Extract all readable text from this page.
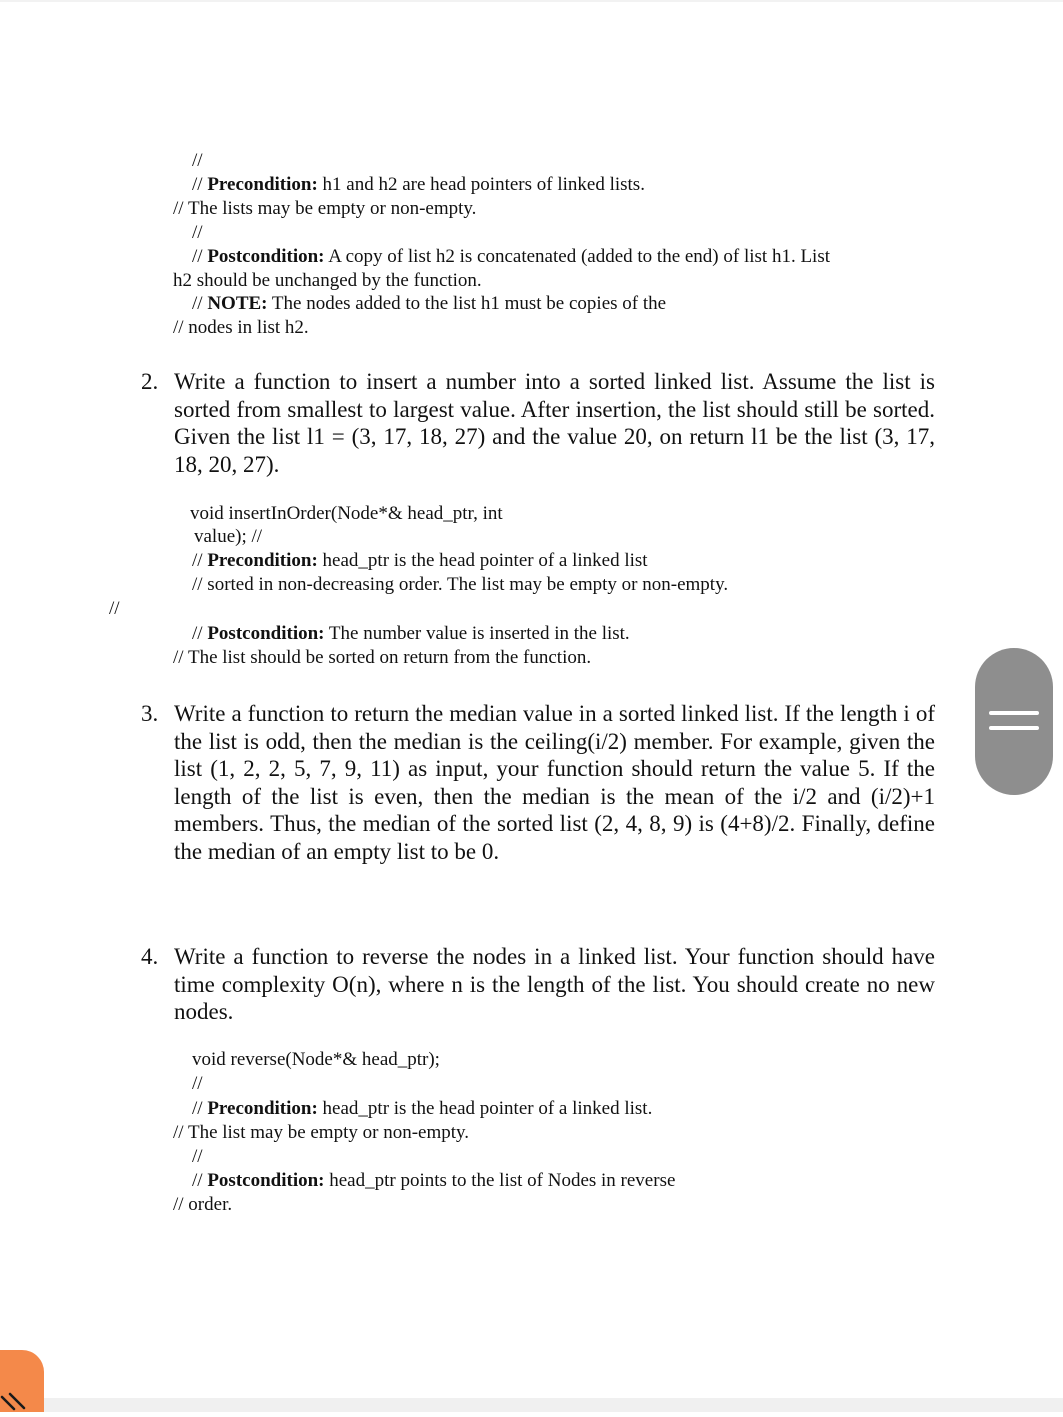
//
// Precondition: h1 and h2 are head pointers of linked lists.
// The lists may be empty or non-empty.
//
// Postcondition: A copy of list h2 is concatenated (added to the end) of list h1. List
h2 should be unchanged by the function.
// NOTE: The nodes added to the list h1 must be copies of the
// nodes in list h2.
2. Write a function to insert a number into a sorted linked list. Assume the list is sorted from smallest to largest value. After insertion, the list should still be sorted. Given the list l1 = (3, 17, 18, 27) and the value 20, on return l1 be the list (3, 17, 18, 20, 27).

void insertInOrder(Node*& head_ptr, int
value); //
// Precondition: head_ptr is the head pointer of a linked list
// sorted in non-decreasing order. The list may be empty or non-empty.
//
// Postcondition: The number value is inserted in the list.
// The list should be sorted on return from the function.
3. Write a function to return the median value in a sorted linked list. If the length i of the list is odd, then the median is the ceiling(i/2) member. For example, given the list (1, 2, 2, 5, 7, 9, 11) as input, your function should return the value 5. If the length of the list is even, then the median is the mean of the i/2 and (i/2)+1 members. Thus, the median of the sorted list (2, 4, 8, 9) is (4+8)/2. Finally, define the median of an empty list to be 0.

4. Write a function to reverse the nodes in a linked list. Your function should have time complexity O(n), where n is the length of the list. You should create no new nodes.

void reverse(Node*& head_ptr);
//
// Precondition: head_ptr is the head pointer of a linked list.
// The list may be empty or non-empty.
//
// Postcondition: head_ptr points to the list of Nodes in reverse
// order.
